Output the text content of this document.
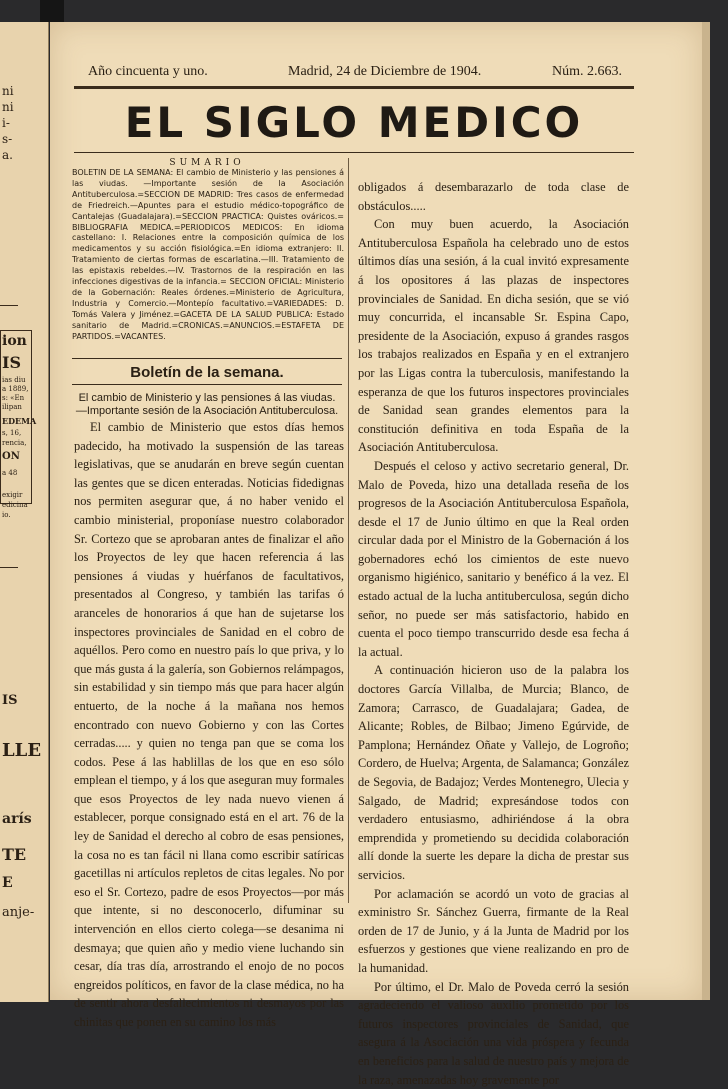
ni
ni
i-
s-
a.
ion
IS
ias diu
a 1889,
s: «En
ilipan
EDEMA
s, 16,
rencia,
ON
a 48
exigir
edicina
io.
IS
LLE
arís
TE
E
anje-
Año cincuenta y uno.	Madrid, 24 de Diciembre de 1904.	Núm. 2.663.
EL SIGLO MEDICO
SUMARIO
BOLETIN DE LA SEMANA: El cambio de Ministerio y las pensiones á las viudas. —Importante sesión de la Asociación Antituberculosa.=SECCION DE MADRID: Tres casos de enfermedad de Friedreich.—Apuntes para el estudio médico-topográfico de Cantalejas (Guadalajara).=SECCION PRACTICA: Quistes ováricos.= BIBLIOGRAFIA MEDICA.=PERIODICOS MEDICOS: En idioma castellano: I. Relaciones entre la composición química de los medicamentos y su acción fisiológica.=En idioma extranjero: II. Tratamiento de ciertas formas de escarlatina.—III. Tratamiento de las epistaxis rebeldes.—IV. Trastornos de la respiración en las infecciones digestivas de la infancia.= SECCION OFICIAL: Ministerio de la Gobernación: Reales órdenes.=Ministerio de Agricultura, Industria y Comercio.—Montepío facultativo.=VARIEDADES: D. Tomás Valera y Jiménez.=GACETA DE LA SALUD PUBLICA: Estado sanitario de Madrid.=CRONICAS.=ANUNCIOS.=ESTAFETA DE PARTIDOS.=VACANTES.
Boletín de la semana.
El cambio de Ministerio y las pensiones á las viudas.—Importante sesión de la Asociación Antituberculosa.

El cambio de Ministerio que estos días hemos padecido, ha motivado la suspensión de las tareas legislativas, que se anudarán en breve según cuentan las gentes que se dicen enteradas. Noticias fidedignas nos permiten asegurar que, á no haber venido el cambio ministerial, proponíase nuestro colaborador Sr. Cortezo que se aprobaran antes de finalizar el año los Proyectos de ley que hacen referencia á las pensiones á viudas y huérfanos de facultativos, presentados al Congreso, y también las tarifas ó aranceles de honorarios á que han de sujetarse los inspectores provinciales de Sanidad en el cobro de aquéllos. Pero como en nuestro país lo que priva, y lo que más gusta á la galería, son Gobiernos relámpagos, sin estabilidad y sin tiempo más que para hacer algún entuerto, de la noche á la mañana nos hemos encontrado con nuevo Gobierno y con las Cortes cerradas..... y quien no tenga pan que se coma los codos. Pese á las hablillas de los que en eso sólo emplean el tiempo, y á los que aseguran muy formales que esos Proyectos de ley nada nuevo vienen á establecer, porque consignado está en el art. 76 de la ley de Sanidad el derecho al cobro de esas pensiones, la cosa no es tan fácil ni llana como escribir satíricas gacetillas ni artículos repletos de citas legales. No por eso el Sr. Cortezo, padre de esos Proyectos—por más que intente, si no desconocerlo, difuminar su intervención en ellos cierto colega—se desanima ni desmaya; que quien año y medio viene luchando sin cesar, día tras día, arrostrando el enojo de no pocos engreidos políticos, en favor de la clase médica, no ha de sentir ahora desfallecimientos ni desmayos por las chinitas que ponen en su camino los más

obligados á desembarazarlo de toda clase de obstáculos.....

Con muy buen acuerdo, la Asociación Antituberculosa Española ha celebrado uno de estos últimos días una sesión, á la cual invitó expresamente á los opositores á las plazas de inspectores provinciales de Sanidad. En dicha sesión, que se vió muy concurrida, el incansable Sr. Espina Capo, presidente de la Asociación, expuso á grandes rasgos los trabajos realizados en España y en el extranjero por las Ligas contra la tuberculosis, manifestando la esperanza de que los futuros inspectores provinciales de Sanidad sean grandes elementos para la constitución definitiva en toda España de la Asociación Antituberculosa.

Después el celoso y activo secretario general, Dr. Malo de Poveda, hizo una detallada reseña de los progresos de la Asociación Antituberculosa Española, desde el 17 de Junio último en que la Real orden circular dada por el Ministro de la Gobernación á los gobernadores echó los cimientos de este nuevo organismo higiénico, sanitario y benéfico á la vez. El estado actual de la lucha antituberculosa, según dicho señor, no puede ser más satisfactorio, habido en cuenta el poco tiempo transcurrido desde esa fecha á la actual.

A continuación hicieron uso de la palabra los doctores García Villalba, de Murcia; Blanco, de Zamora; Carrasco, de Guadalajara; Gadea, de Alicante; Robles, de Bilbao; Jimeno Egúrvide, de Pamplona; Hernández Oñate y Vallejo, de Logroño; Cordero, de Huelva; Argenta, de Salamanca; González de Segovia, de Badajoz; Verdes Montenegro, Ulecia y Salgado, de Madrid; expresándose todos con verdadero entusiasmo, adhiriéndose á la obra emprendida y prometiendo su decidida colaboración allí donde la suerte les depare la dicha de prestar sus servicios.

Por aclamación se acordó un voto de gracias al exministro Sr. Sánchez Guerra, firmante de la Real orden de 17 de Junio, y á la Junta de Madrid por los esfuerzos y gestiones que viene realizando en pro de la humanidad.

Por último, el Dr. Malo de Poveda cerró la sesión agradeciendo el valioso auxilio prometido por los futuros inspectores provinciales de Sanidad, que asegura á la Asociación una vida próspera y fecunda en beneficios para la salud de nuestro país y mejora de la raza, amenazadas hoy gravemente por
